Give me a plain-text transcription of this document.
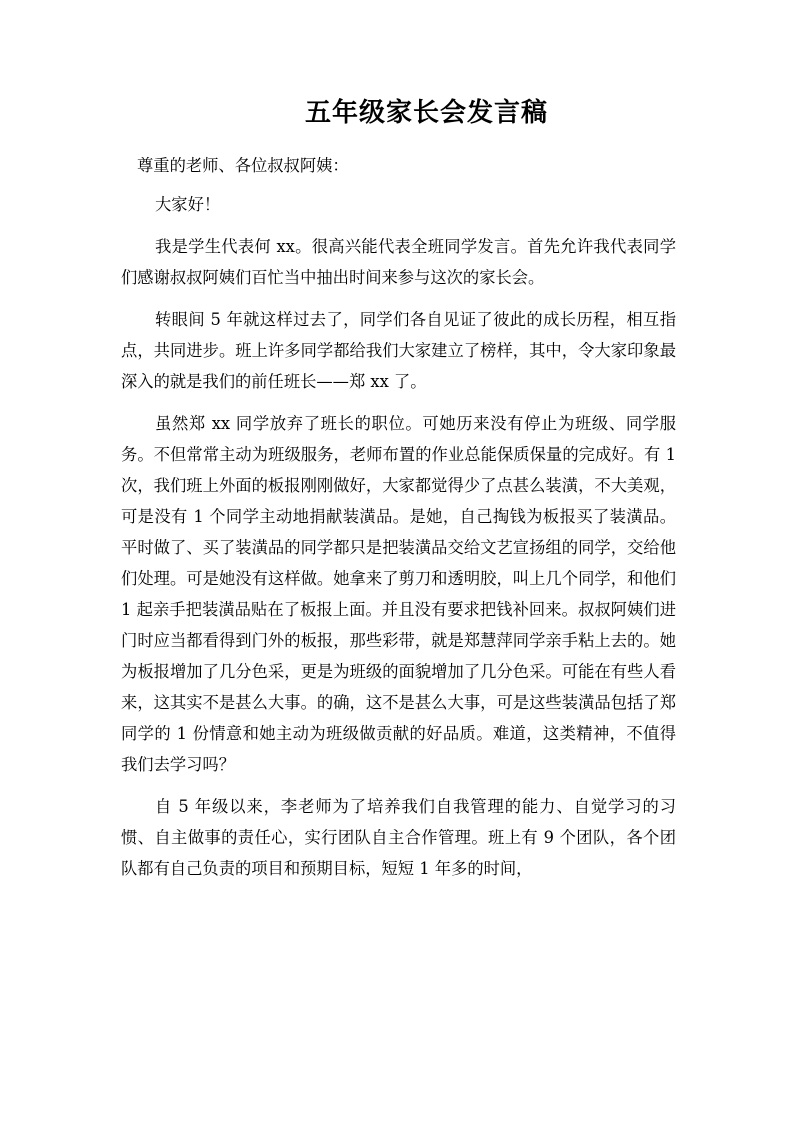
五年级家长会发言稿

尊重的老师、各位叔叔阿姨：

大家好！

我是学生代表何 xx。很高兴能代表全班同学发言。首先允许我代表同学们感谢叔叔阿姨们百忙当中抽出时间来参与这次的家长会。

转眼间 5 年就这样过去了，同学们各自见证了彼此的成长历程，相互指点，共同进步。班上许多同学都给我们大家建立了榜样，其中，令大家印象最深入的就是我们的前任班长——郑 xx 了。

虽然郑 xx 同学放弃了班长的职位。可她历来没有停止为班级、同学服务。不但常常主动为班级服务，老师布置的作业总能保质保量的完成好。有 1 次，我们班上外面的板报刚刚做好，大家都觉得少了点甚么装潢，不大美观，可是没有 1 个同学主动地捐献装潢品。是她，自己掏钱为板报买了装潢品。平时做了、买了装潢品的同学都只是把装潢品交给文艺宣扬组的同学，交给他们处理。可是她没有这样做。她拿来了剪刀和透明胶，叫上几个同学，和他们 1 起亲手把装潢品贴在了板报上面。并且没有要求把钱补回来。叔叔阿姨们进门时应当都看得到门外的板报，那些彩带，就是郑慧萍同学亲手粘上去的。她为板报增加了几分色采，更是为班级的面貌增加了几分色采。可能在有些人看来，这其实不是甚么大事。的确，这不是甚么大事，可是这些装潢品包括了郑同学的 1 份情意和她主动为班级做贡献的好品质。难道，这类精神，不值得我们去学习吗？

自 5 年级以来，李老师为了培养我们自我管理的能力、自觉学习的习惯、自主做事的责任心，实行团队自主合作管理。班上有 9 个团队，各个团队都有自己负责的项目和预期目标，短短 1 年多的时间，
